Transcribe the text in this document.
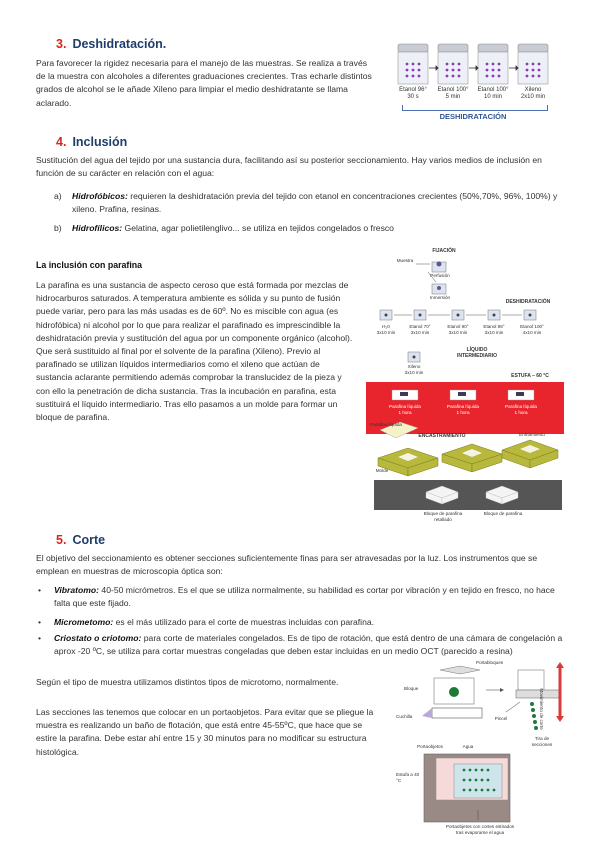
3. Deshidratación.
Para favorecer la rigidez necesaria para el manejo de las muestras. Se realiza a través de la muestra con alcoholes a diferentes graduaciones crecientes. Tras echarle distintos grados de alcohol se le añade Xileno para limpiar el medio deshidratante se llama aclarado.
Etanol 96°
30 s
Etanol 100°
5 min
Etanol 100°
10 min
Xileno
2x10 min
DESHIDRATACIÓN
4. Inclusión
Sustitución del agua del tejido por una sustancia dura, facilitando así su posterior seccionamiento. Hay varios medios de inclusión en función de su carácter en relación con el agua:
a)	Hidrofóbicos: requieren la deshidratación previa del tejido con etanol en concentraciones crecientes (50%,70%, 96%, 100%) y xileno. Prafina, resinas.
b)	Hidrofílicos: Gelatina, agar polietilenglivo... se utiliza en tejidos congelados o fresco
La inclusión con parafina
La parafina es una sustancia de aspecto ceroso que está formada por mezclas de hidrocarburos saturados. A temperatura ambiente es sólida y su punto de fusión puede variar, pero para las más usadas es de 60º. No es miscible con agua (es hidrofóbica) ni alcohol por lo que para realizar el parafinado es imprescindible la deshidratación previa y sustitución del agua por un componente orgánico (alcohol). Que será sustituido al final por el solvente de la parafina (Xileno). Previo al parafinado se utilizan líquidos intermediarios como el xileno que actúan de sustancia aclarante permitiendo además comprobar la translucidez de la pieza y con ello la penetración de dicha sustancia. Tras la incubación en parafina, esta sustituirá el líquido intermediario. Tras ello pasamos a un molde para formar un bloque de parafina.
FIJACIÓN
Muestra
Perfusión
Inmersión
DESHIDRATACIÓN
H₂0
3x10 min
Etanol 70°
3x10 min
Etanol 90°
3x10 min
Etanol 96°
3x10 min
Etanol 100°
4x10 min
LÍQUIDO INTERMEDIARIO
Xileno
3x10 min
ESTUFA – 60 °C
Parafina líquida
1 hora
Parafina líquida
1 hora
Parafina líquida
1 hora
Parafina líquida
ENCASTRAMIENTO	Enfriamiento
Molde
Bloque de parafina retallado
Bloque de parafina
5. Corte
El objetivo del seccionamiento es obtener secciones suficientemente finas para ser atravesadas por la luz. Los instrumentos que se emplean en muestras de microscopia óptica son:
• Vibratomo: 40-50 micrómetros. Es el que se utiliza normalmente, su habilidad es cortar por vibración y en tejido en fresco, no hace falta que este fijado.
• Micrometomo: es el más utilizado para el corte de muestras incluidas con parafina.
• Criostato o criotomo: para corte de materiales congelados. Es de tipo de rotación, que está dentro de una cámara de congelación a aprox -20 ºC, se utiliza para cortar muestras congeladas que deben estar incluidas en un medio OCT (parecido a resina)
Según el tipo de muestra utilizamos distintos tipos de microtomo, normalmente.
Las secciones las tenemos que colocar en un portaobjetos. Para evitar que se pliegue la muestra es realizando un baño de flotación, que está entre 45-55ºC, que hace que se estire la parafina. Debe estar ahí entre 15 y 30 minutos para no modificar su estructura histológica.
Portabloques
Bloque
Cuchilla	Pincel	Movimiento de corte
Tira de secciones
Portaobjetos	Agua
Estufa a 40 °C
Portaobjetos con cortes estirados tras evaporarse el agua
